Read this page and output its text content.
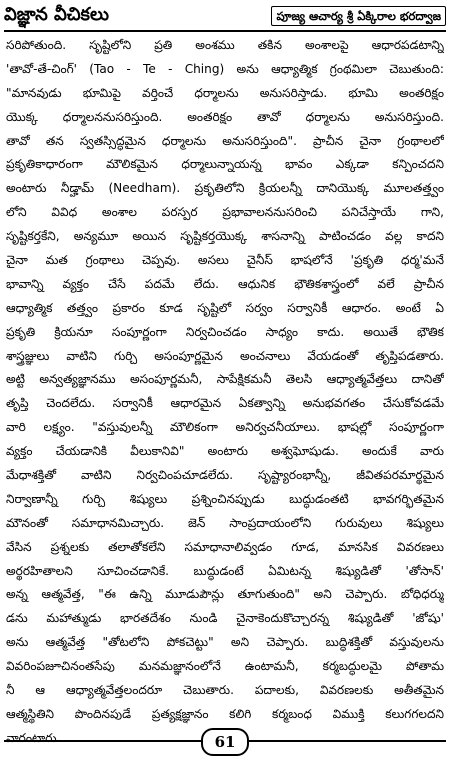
విజ్ఞాన వీచికలు	పూజ్య ఆచార్య శ్రీ ఏక్కిరాల భరద్వాజ
సరిపోతుంది. సృష్టిలోని ప్రతి అంశము తకిన అంశాలపై ఆధారపడటాన్ని
'తావో-తే-చింగ్' (Tao - Te - Ching) అను ఆధ్యాత్మిక గ్రంథమిలా చెబుతుంది:
"మానవుడు భూమిపై వర్తించే ధర్మాలను అనుసరిస్తాడు. భూమి అంతరిక్షం
యొక్క ధర్మాలననుసరిస్తుంది. అంతరిక్షం తావో ధర్మాలను అనుసరిస్తుంది.
తావో తన స్వతస్సిద్ధమైన ధర్మాలను అనుసరిస్తుంది". ప్రాచీన చైనా గ్రంథాలలో
ప్రకృతికాధారంగా మౌలికమైన ధర్మాలున్నాయన్న భావం ఎక్కడా కన్పించదని
అంటారు నీడ్హామ్ (Needham). ప్రకృతిలోని క్రియలన్నీ దానియొక్క మూలతత్త్వం
లోని వివిధ అంశాల పరస్పర ప్రభావాలననుసరించి పనిచేస్తాయే గాని,
సృష్టికర్తకేని, అన్యమూ అయిన సృష్టికర్తయొక్క శాసనాన్ని పాటించడం వల్ల కాదని
చైనా మత గ్రంథాలు చెప్పవు. అసలు చైనీస్ భాషలోనే 'ప్రకృతి ధర్మ'మనే
భావాన్ని వ్యక్తం చేసే పదమే లేదు. ఆధునిక భౌతికశాస్త్రంలో వలే ప్రాచీన
ఆధ్యాత్మిక తత్త్వం ప్రకారం కూడ సృష్టిలో సర్వం సర్వానికీ ఆధారం. అంటే ఏ
ప్రకృతి క్రియనూ సంపూర్ణంగా నిర్వచించడం సాధ్యం కాదు. అయితే భౌతిక
శాస్త్రజ్ఞులు వాటిని గుర్చి అసంపూర్ణమైన అంచనాలు వేయడంతో తృప్తిపడతారు.
అట్టి అన్వత్యజ్ఞానము అసంపూర్ణమనీ, సాపేక్షికమనీ తెలసి ఆధ్యాత్మవేత్తలు దానితో
తృప్తి చెందలేదు. సర్వానికీ ఆధారమైన ఏకత్వాన్ని అనుభవగతం చేసుకోవడమే
వారి లక్ష్యం. "వస్తువులన్నీ మౌలికంగా అనిర్వచనీయాలు. భాషల్లో సంపూర్ణంగా
వ్యక్తం చేయడానికి వీలుకానివి" అంటారు అశ్వఘోషుడు. అందుకే వారు
మేధాశక్తితో వాటిని నిర్వచింపచూడలేదు. సృష్ట్యారంభాన్నీ, జీవితపరమార్థమైన
నిర్వాణాన్నీ గుర్చి శిష్యులు ప్రశ్నించినప్పుడు బుద్ధుడంతటి భావగర్భితమైన
మౌనంతో సమాధానమిచ్చారు. జెన్ సాంప్రదాయంలోని గురువులు శిష్యులు
వేసిన ప్రశ్నలకు తలాతోకలేని సమాధానాలివ్వడం గూడ, మానసిక వివరణలు
అర్థరహితాలని సూచించడానికే. బుద్ధుడంటే ఏమిటన్న శిష్యుడితో 'తోసాన్'
అన్న ఆత్మవేత్త, "ఈ ఉన్ని మూడుపౌన్లు తూగుతుంది" అని చెప్పారు. బోధిధర్ము
డను మహాత్ముడు భారతదేశం నుండి చైనాకెందుకొచ్చారన్న శిష్యుడితో 'జోషు'
అను ఆత్మవేత్త "తోటలోని పోకచెట్టు" అని చెప్పారు. బుద్ధిశక్తితో వస్తువులను
వివరింపజూచినంతసేపు మనమజ్ఞానంలోనే ఉంటామనీ, కర్మబద్ధులమై పోతామ
నీ ఆ ఆధ్యాత్మవేత్తలందరూ చెబుతారు. పదాలకు, వివరణలకు అతీతమైన
ఆత్మస్థితిని పొందినపుడే ప్రత్యక్షజ్ఞానం కలిగి కర్మబంధ విముక్తి కలుగగలదని
వారంటారు.	61
